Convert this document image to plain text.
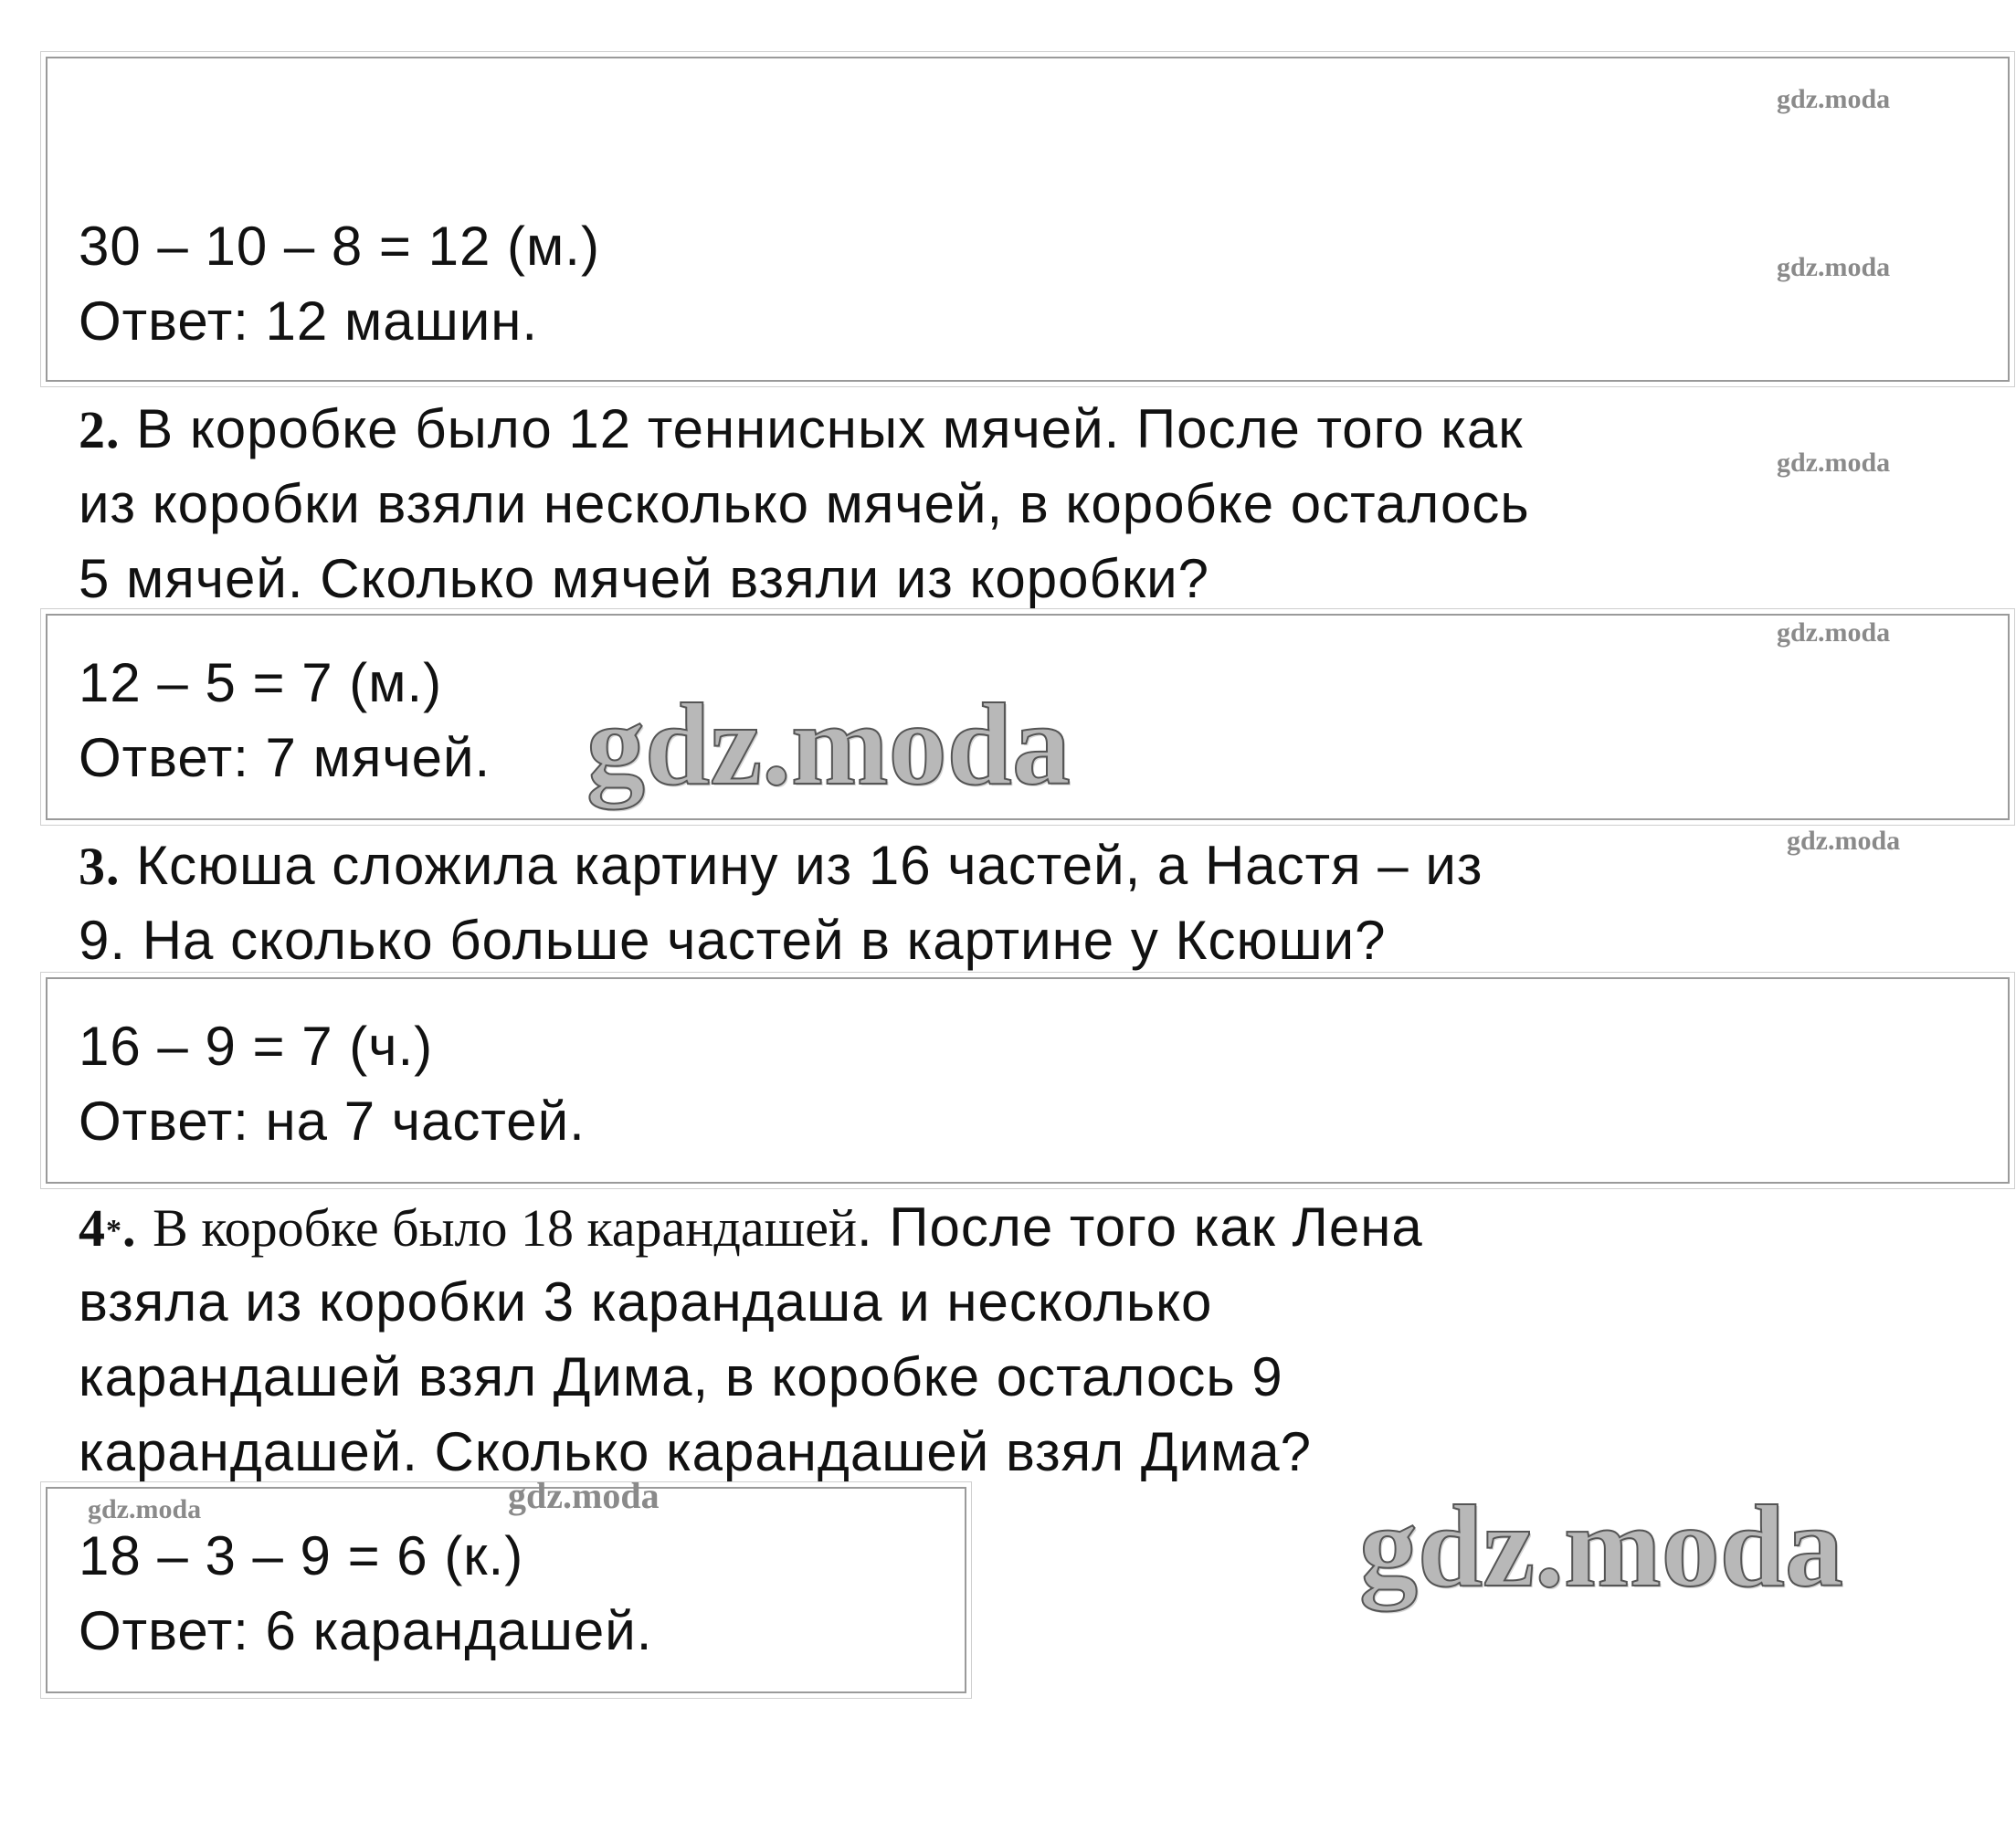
30 – 10 – 8 = 12 (м.)
Ответ: 12 машин.
2. В коробке было 12 теннисных мячей. После того как
из коробки взяли несколько мячей, в коробке осталось
5 мячей. Сколько мячей взяли из коробки?
12 – 5 = 7 (м.)
Ответ: 7 мячей.
3. Ксюша сложила картину из 16 частей, а Настя – из
9. На сколько больше частей в картине у Ксюши?
16 – 9 = 7 (ч.)
Ответ: на 7 частей.
4*. В коробке было 18 карандашей. После того как Лена
взяла из коробки 3 карандаша и несколько
карандашей взял Дима, в коробке осталось 9
карандашей. Сколько карандашей взял Дима?
18 – 3 – 9 = 6 (к.)
Ответ: 6 карандашей.
gdz.moda
gdz.moda
gdz.moda
gdz.moda
gdz.moda
gdz.moda	gdz.moda
gdz.moda
gdz.moda
